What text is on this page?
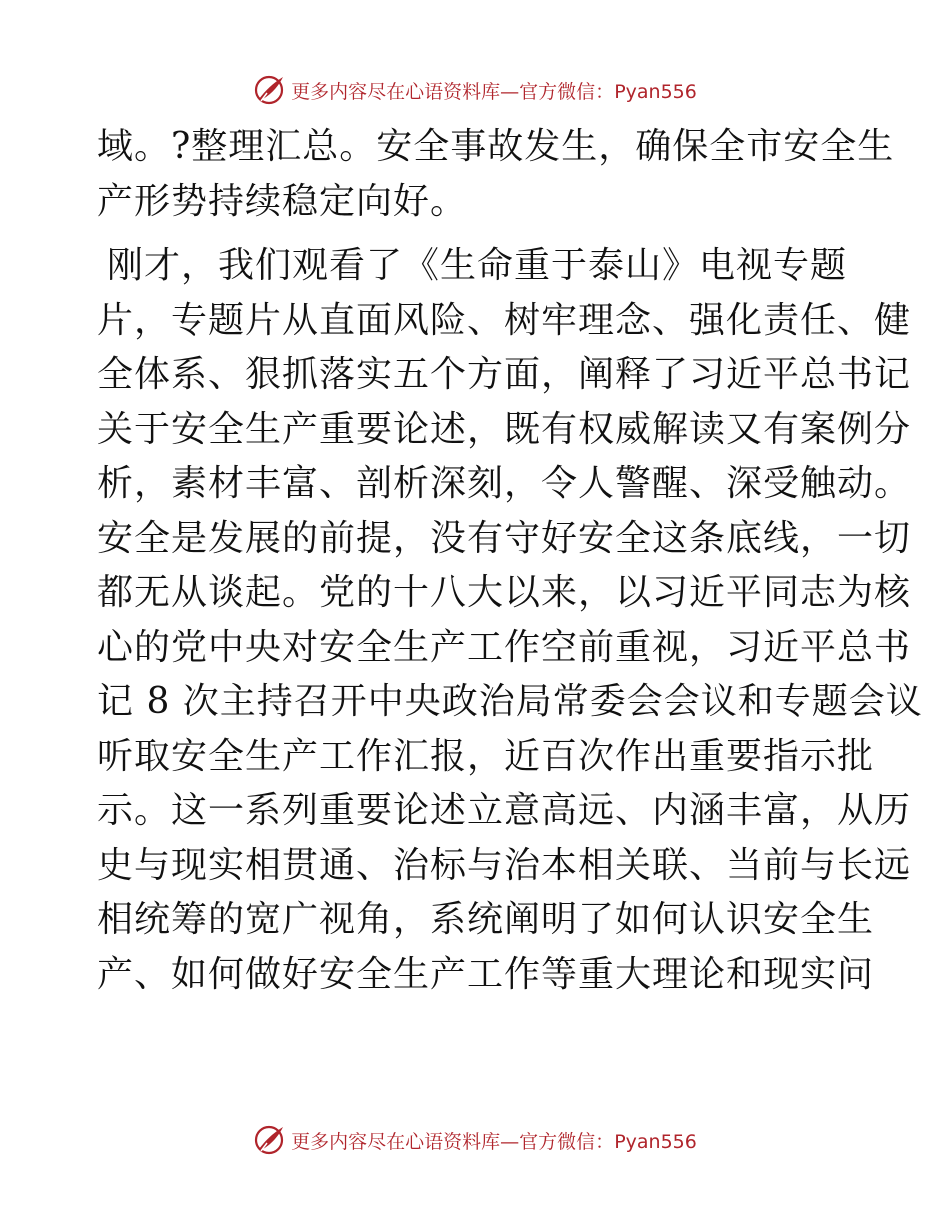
更多内容尽在心语资料库—官方微信：Pyan556
域。?整理汇总。安全事故发生，确保全市安全生
产形势持续稳定向好。
刚才，我们观看了《生命重于泰山》电视专题
片，专题片从直面风险、树牢理念、强化责任、健
全体系、狠抓落实五个方面，阐释了习近平总书记
关于安全生产重要论述，既有权威解读又有案例分
析，素材丰富、剖析深刻，令人警醒、深受触动。
安全是发展的前提，没有守好安全这条底线，一切
都无从谈起。党的十八大以来，以习近平同志为核
心的党中央对安全生产工作空前重视，习近平总书
记 8 次主持召开中央政治局常委会会议和专题会议
听取安全生产工作汇报，近百次作出重要指示批
示。这一系列重要论述立意高远、内涵丰富，从历
史与现实相贯通、治标与治本相关联、当前与长远
相统筹的宽广视角，系统阐明了如何认识安全生
产、如何做好安全生产工作等重大理论和现实问
更多内容尽在心语资料库—官方微信：Pyan556
